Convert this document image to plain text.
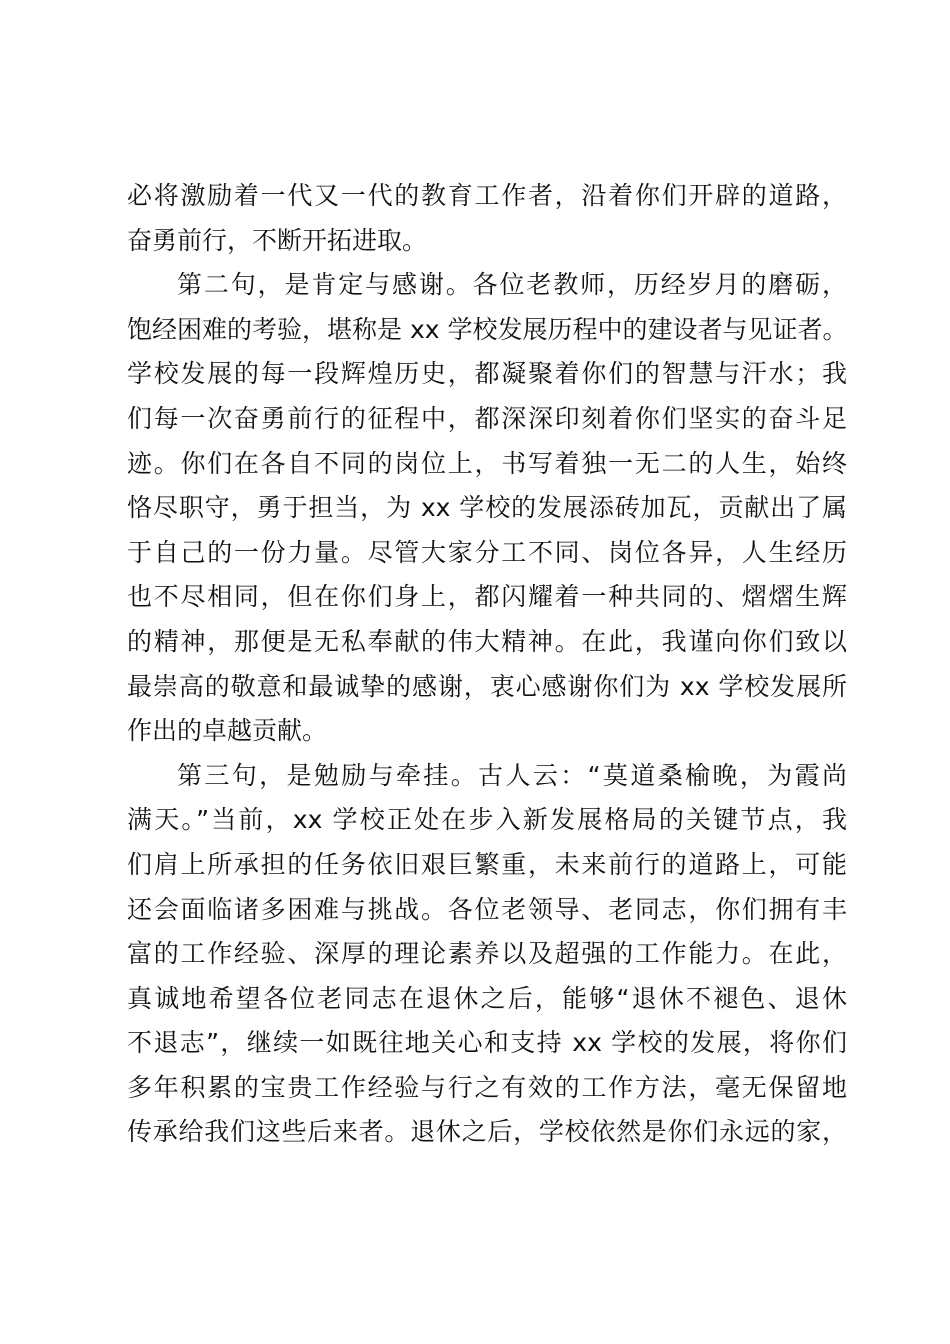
必将激励着一代又一代的教育工作者，沿着你们开辟的道路，
奋勇前行，不断开拓进取。
第二句，是肯定与感谢。各位老教师，历经岁月的磨砺，
饱经困难的考验，堪称是 xx 学校发展历程中的建设者与见证者。
学校发展的每一段辉煌历史，都凝聚着你们的智慧与汗水；我
们每一次奋勇前行的征程中，都深深印刻着你们坚实的奋斗足
迹。你们在各自不同的岗位上，书写着独一无二的人生，始终
恪尽职守，勇于担当，为 xx 学校的发展添砖加瓦，贡献出了属
于自己的一份力量。尽管大家分工不同、岗位各异，人生经历
也不尽相同，但在你们身上，都闪耀着一种共同的、熠熠生辉
的精神，那便是无私奉献的伟大精神。在此，我谨向你们致以
最崇高的敬意和最诚挚的感谢，衷心感谢你们为 xx 学校发展所
作出的卓越贡献。
第三句，是勉励与牵挂。古人云：“莫道桑榆晚，为霞尚
满天。”当前，xx 学校正处在步入新发展格局的关键节点，我
们肩上所承担的任务依旧艰巨繁重，未来前行的道路上，可能
还会面临诸多困难与挑战。各位老领导、老同志，你们拥有丰
富的工作经验、深厚的理论素养以及超强的工作能力。在此，
真诚地希望各位老同志在退休之后，能够“退休不褪色、退休
不退志”，继续一如既往地关心和支持 xx 学校的发展，将你们
多年积累的宝贵工作经验与行之有效的工作方法，毫无保留地
传承给我们这些后来者。退休之后，学校依然是你们永远的家，
